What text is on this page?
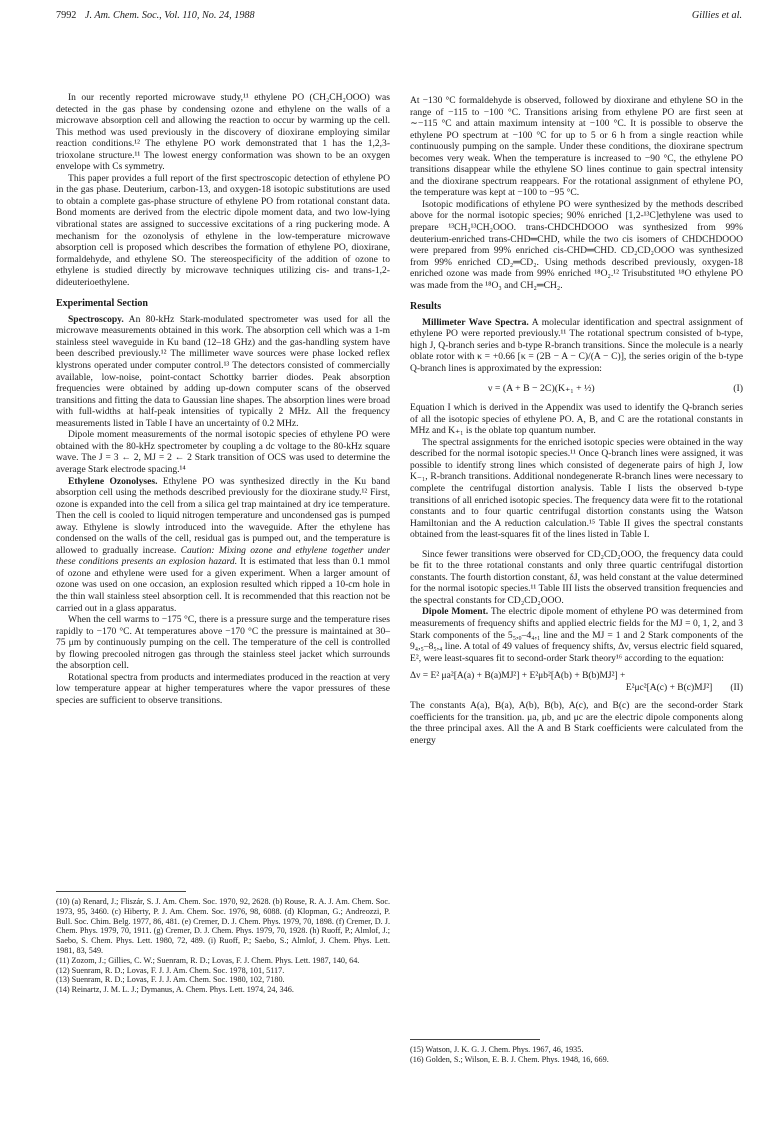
7992 J. Am. Chem. Soc., Vol. 110, No. 24, 1988	Gillies et al.

In our recently reported microwave study,¹¹ ethylene PO (CH₂CH₂OOO) was detected in the gas phase by condensing ozone and ethylene on the walls of a microwave absorption cell and allowing the reaction to occur by warming up the cell. This method was used previously in the discovery of dioxirane employing similar reaction conditions.¹² The ethylene PO work demonstrated that 1 has the 1,2,3-trioxolane structure.¹¹ The lowest energy conformation was shown to be an oxygen envelope with Cs symmetry.

This paper provides a full report of the first spectroscopic detection of ethylene PO in the gas phase. Deuterium, carbon-13, and oxygen-18 isotopic substitutions are used to obtain a complete gas-phase structure of ethylene PO from rotational constant data. Bond moments are derived from the electric dipole moment data, and two low-lying vibrational states are assigned to successive excitations of a ring puckering mode. A mechanism for the ozonolysis of ethylene in the low-temperature microwave absorption cell is proposed which describes the formation of ethylene PO, dioxirane, formaldehyde, and ethylene SO. The stereospecificity of the addition of ozone to ethylene is studied directly by microwave techniques utilizing cis- and trans-1,2-dideuterioethylene.

Experimental Section

Spectroscopy. An 80-kHz Stark-modulated spectrometer was used for all the microwave measurements obtained in this work. The absorption cell which was a 1-m stainless steel waveguide in Ku band (12–18 GHz) and the gas-handling system have been described previously.¹² The millimeter wave sources were phase locked reflex klystrons operated under computer control.¹³ The detectors consisted of commercially available, low-noise, point-contact Schottky barrier diodes. Peak absorption frequencies were obtained by adding up-down computer scans of the observed transitions and fitting the data to Gaussian line shapes. The absorption lines were broad with full-widths at half-peak intensities of typically 2 MHz. All the frequency measurements listed in Table I have an uncertainty of 0.2 MHz.

Dipole moment measurements of the normal isotopic species of ethylene PO were obtained with the 80-kHz spectrometer by coupling a dc voltage to the 80-kHz square wave. The J = 3 ← 2, MJ = 2 ← 2 Stark transition of OCS was used to determine the average Stark electrode spacing.¹⁴

Ethylene Ozonolyses. Ethylene PO was synthesized directly in the Ku band absorption cell using the methods described previously for the dioxirane study.¹² First, ozone is expanded into the cell from a silica gel trap maintained at dry ice temperature. Then the cell is cooled to liquid nitrogen temperature and uncondensed gas is pumped away. Ethylene is slowly introduced into the waveguide. After the ethylene has condensed on the walls of the cell, residual gas is pumped out, and the temperature is allowed to gradually increase. Caution: Mixing ozone and ethylene together under these conditions presents an explosion hazard. It is estimated that less than 0.1 mmol of ozone and ethylene were used for a given experiment. When a larger amount of ozone was used on one occasion, an explosion resulted which ripped a 10-cm hole in the thin wall stainless steel absorption cell. It is recommended that this reaction not be carried out in a glass apparatus.

When the cell warms to −175 °C, there is a pressure surge and the temperature rises rapidly to −170 °C. At temperatures above −170 °C the pressure is maintained at 30–75 μm by continuously pumping on the cell. The temperature of the cell is controlled by flowing precooled nitrogen gas through the stainless steel jacket which surrounds the absorption cell.

Rotational spectra from products and intermediates produced in the reaction at very low temperature appear at higher temperatures where the vapor pressures of these species are sufficient to observe transitions.

(10) (a) Renard, J.; Fliszár, S. J. Am. Chem. Soc. 1970, 92, 2628. (b) Rouse, R. A. J. Am. Chem. Soc. 1973, 95, 3460. (c) Hiberty, P. J. Am. Chem. Soc. 1976, 98, 6088. (d) Klopman, G.; Andreozzi, P. Bull. Soc. Chim. Belg. 1977, 86, 481. (e) Cremer, D. J. Chem. Phys. 1979, 70, 1898. (f) Cremer, D. J. Chem. Phys. 1979, 70, 1911. (g) Cremer, D. J. Chem. Phys. 1979, 70, 1928. (h) Ruoff, P.; Almlof, J.; Saebo, S. Chem. Phys. Lett. 1980, 72, 489. (i) Ruoff, P.; Saebo, S.; Almlof, J. Chem. Phys. Lett. 1981, 83, 549.

(11) Zozom, J.; Gillies, C. W.; Suenram, R. D.; Lovas, F. J. Chem. Phys. Lett. 1987, 140, 64.

(12) Suenram, R. D.; Lovas, F. J. J. Am. Chem. Soc. 1978, 101, 5117.

(13) Suenram, R. D.; Lovas, F. J. J. Am. Chem. Soc. 1980, 102, 7180.

(14) Reinartz, J. M. L. J.; Dymanus, A. Chem. Phys. Lett. 1974, 24, 346.

At −130 °C formaldehyde is observed, followed by dioxirane and ethylene SO in the range of −115 to −100 °C. Transitions arising from ethylene PO are first seen at ∼−115 °C and attain maximum intensity at −100 °C. It is possible to observe the ethylene PO spectrum at −100 °C for up to 5 or 6 h from a single reaction while continuously pumping on the sample. Under these conditions, the dioxirane spectrum becomes very weak. When the temperature is increased to −90 °C, the ethylene PO transitions disappear while the ethylene SO lines continue to gain spectral intensity and the dioxirane spectrum reappears. For the rotational assignment of ethylene PO, the temperature was kept at −100 to −95 °C.

Isotopic modifications of ethylene PO were synthesized by the methods described above for the normal isotopic species; 90% enriched [1,2-¹³C]ethylene was used to prepare ¹³CH₂¹³CH₂OOO. trans-CHDCHDOOO was synthesized from 99% deuterium-enriched trans-CHD═CHD, while the two cis isomers of CHDCHDOOO were prepared from 99% enriched cis-CHD═CHD. CD₂CD₂OOO was synthesized from 99% enriched CD₂═CD₂. Using methods described previously, oxygen-18 enriched ozone was made from 99% enriched ¹⁸O₂.¹² Trisubstituted ¹⁸O ethylene PO was made from the ¹⁸O₃ and CH₂═CH₂.

Results

Millimeter Wave Spectra. A molecular identification and spectral assignment of ethylene PO were reported previously.¹¹ The rotational spectrum consisted of b-type, high J, Q-branch series and b-type R-branch transitions. Since the molecule is a nearly oblate rotor with κ = +0.66 [κ = (2B − A − C)/(A − C)], the series origin of the b-type Q-branch lines is approximated by the expression:

ν = (A + B − 2C)(K₊₁ + ½)	(I)

Equation I which is derived in the Appendix was used to identify the Q-branch series of all the isotopic species of ethylene PO. A, B, and C are the rotational constants in MHz and K₊₁ is the oblate top quantum number.

The spectral assignments for the enriched isotopic species were obtained in the way described for the normal isotopic species.¹¹ Once Q-branch lines were assigned, it was possible to identify strong lines which consisted of degenerate pairs of high J, low K₋₁, R-branch transitions. Additional nondegenerate R-branch lines were necessary to complete the centrifugal distortion analysis. Table I lists the observed b-type transitions of all enriched isotopic species. The frequency data were fit to the rotational constants and to four quartic centrifugal distortion constants using the Watson Hamiltonian and the A reduction calculation.¹⁵ Table II gives the spectral constants obtained from the least-squares fit of the lines listed in Table I.

Since fewer transitions were observed for CD₂CD₂OOO, the frequency data could be fit to the three rotational constants and only three quartic centrifugal distortion constants. The fourth distortion constant, δJ, was held constant at the value determined for the normal isotopic species.¹¹ Table III lists the observed transition frequencies and the spectral constants for CD₂CD₂OOO.

Dipole Moment. The electric dipole moment of ethylene PO was determined from measurements of frequency shifts and applied electric fields for the MJ = 0, 1, 2, and 3 Stark components of the 5₅,₀–4₄,₁ line and the MJ = 1 and 2 Stark components of the 9₄,₅–8₅,₄ line. A total of 49 values of frequency shifts, Δν, versus electric field squared, E², were least-squares fit to second-order Stark theory¹⁶ according to the equation:

Δν = E² μa²[A(a) + B(a)MJ²] + E²μb²[A(b) + B(b)MJ²] +
E²μc²[A(c) + B(c)MJ²] (II)

The constants A(a), B(a), A(b), B(b), A(c), and B(c) are the second-order Stark coefficients for the transition. μa, μb, and μc are the electric dipole components along the three principal axes. All the A and B Stark coefficients were calculated from the energy

(15) Watson, J. K. G. J. Chem. Phys. 1967, 46, 1935.

(16) Golden, S.; Wilson, E. B. J. Chem. Phys. 1948, 16, 669.
